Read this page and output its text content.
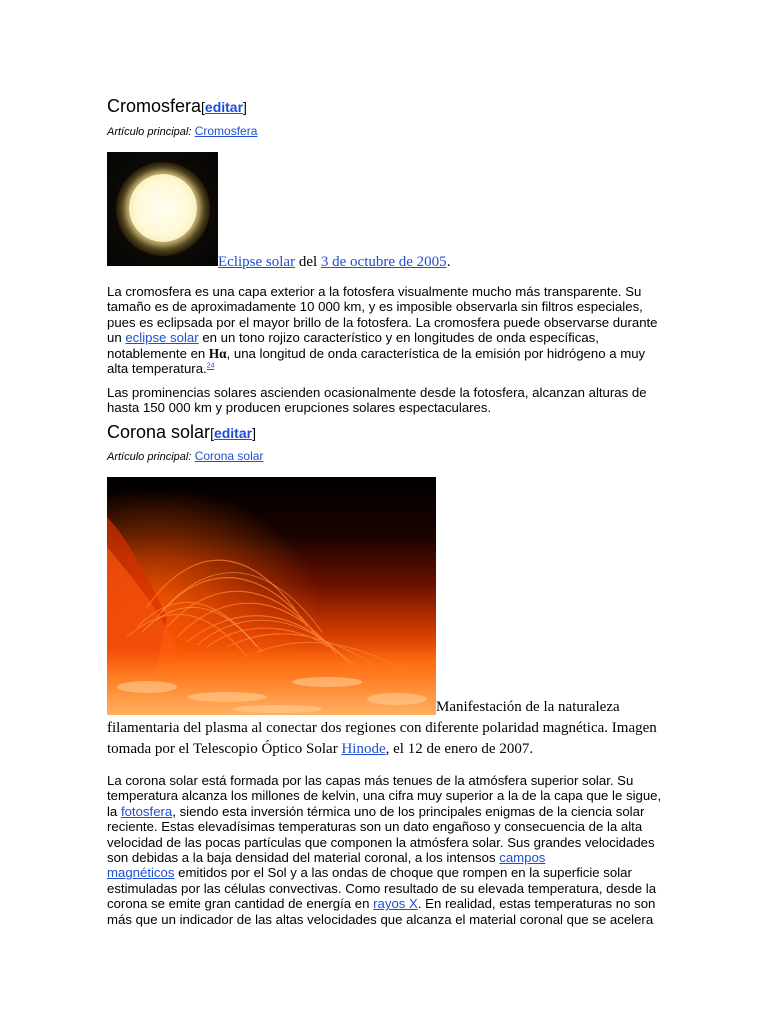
Cromosfera[editar]
Artículo principal: Cromosfera
Eclipse solar del 3 de octubre de 2005.
La cromosfera es una capa exterior a la fotosfera visualmente mucho más transparente. Su
tamaño es de aproximadamente 10 000 km, y es imposible observarla sin filtros especiales,
pues es eclipsada por el mayor brillo de la fotosfera. La cromosfera puede observarse durante
un eclipse solar en un tono rojizo característico y en longitudes de onda específicas,
notablemente en Hα, una longitud de onda característica de la emisión por hidrógeno a muy
alta temperatura.$^{24}$
Las prominencias solares ascienden ocasionalmente desde la fotosfera, alcanzan alturas de
hasta 150 000 km y producen erupciones solares espectaculares.
Corona solar[editar]
Artículo principal: Corona solar
Manifestación de la naturaleza
filamentaria del plasma al conectar dos regiones con diferente polaridad magnética. Imagen
tomada por el Telescopio Óptico Solar Hinode, el 12 de enero de 2007.
La corona solar está formada por las capas más tenues de la atmósfera superior solar. Su
temperatura alcanza los millones de kelvin, una cifra muy superior a la de la capa que le sigue,
la fotosfera, siendo esta inversión térmica uno de los principales enigmas de la ciencia solar
reciente. Estas elevadísimas temperaturas son un dato engañoso y consecuencia de la alta
velocidad de las pocas partículas que componen la atmósfera solar. Sus grandes velocidades
son debidas a la baja densidad del material coronal, a los intensos campos
magnéticos emitidos por el Sol y a las ondas de choque que rompen en la superficie solar
estimuladas por las células convectivas. Como resultado de su elevada temperatura, desde la
corona se emite gran cantidad de energía en rayos X. En realidad, estas temperaturas no son
más que un indicador de las altas velocidades que alcanza el material coronal que se acelera
